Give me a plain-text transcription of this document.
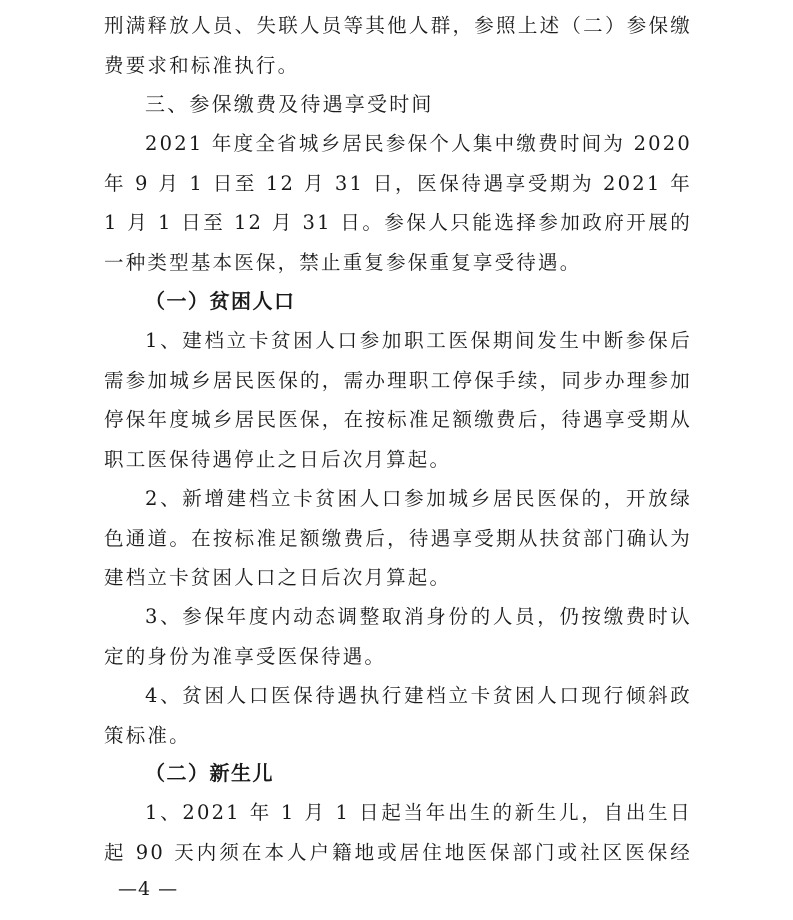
刑满释放人员、失联人员等其他人群，参照上述（二）参保缴费要求和标准执行。

三、参保缴费及待遇享受时间

2021 年度全省城乡居民参保个人集中缴费时间为 2020 年 9 月 1 日至 12 月 31 日，医保待遇享受期为 2021 年 1 月 1 日至 12 月 31 日。参保人只能选择参加政府开展的一种类型基本医保，禁止重复参保重复享受待遇。

（一）贫困人口

1、建档立卡贫困人口参加职工医保期间发生中断参保后需参加城乡居民医保的，需办理职工停保手续，同步办理参加停保年度城乡居民医保，在按标准足额缴费后，待遇享受期从职工医保待遇停止之日后次月算起。

2、新增建档立卡贫困人口参加城乡居民医保的，开放绿色通道。在按标准足额缴费后，待遇享受期从扶贫部门确认为建档立卡贫困人口之日后次月算起。

3、参保年度内动态调整取消身份的人员，仍按缴费时认定的身份为准享受医保待遇。

4、贫困人口医保待遇执行建档立卡贫困人口现行倾斜政策标准。

（二）新生儿

1、2021 年 1 月 1 日起当年出生的新生儿，自出生日起 90 天内须在本人户籍地或居住地医保部门或社区医保经

—4 —
